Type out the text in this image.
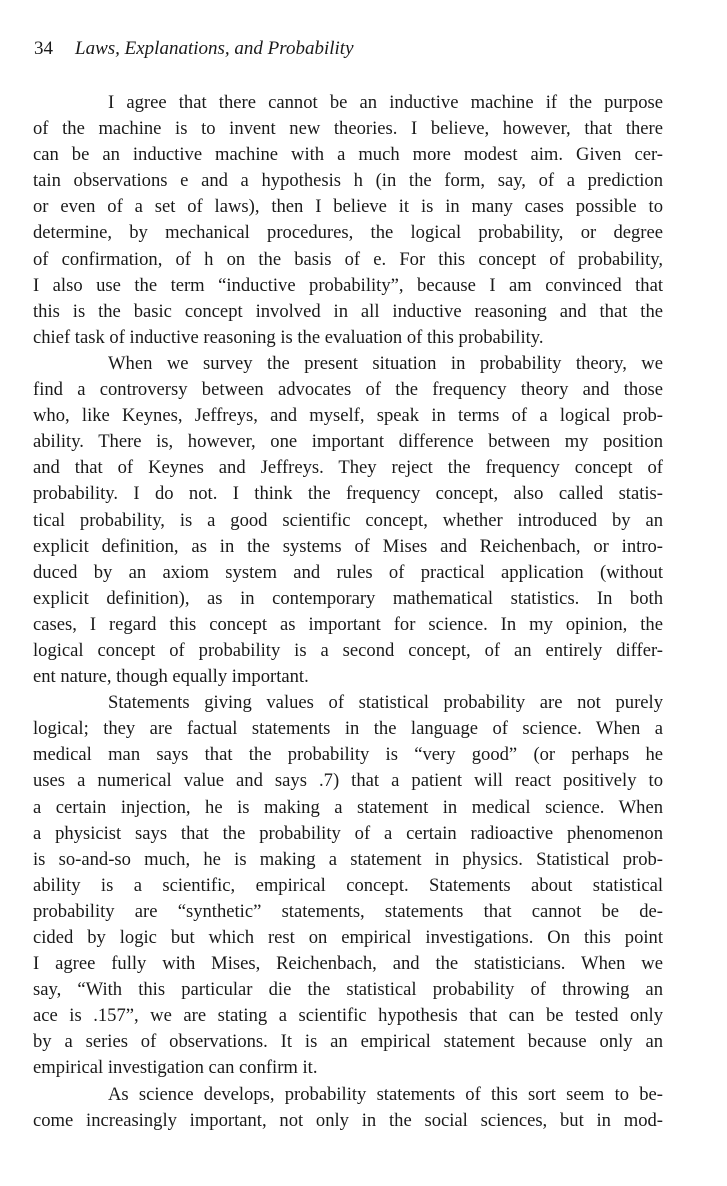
34 Laws, Explanations, and Probability
I agree that there cannot be an inductive machine if the purpose
of the machine is to invent new theories. I believe, however, that there
can be an inductive machine with a much more modest aim. Given cer-
tain observations e and a hypothesis h (in the form, say, of a prediction
or even of a set of laws), then I believe it is in many cases possible to
determine, by mechanical procedures, the logical probability, or degree
of confirmation, of h on the basis of e. For this concept of probability,
I also use the term “inductive probability”, because I am convinced that
this is the basic concept involved in all inductive reasoning and that the
chief task of inductive reasoning is the evaluation of this probability.
When we survey the present situation in probability theory, we
find a controversy between advocates of the frequency theory and those
who, like Keynes, Jeffreys, and myself, speak in terms of a logical prob-
ability. There is, however, one important difference between my position
and that of Keynes and Jeffreys. They reject the frequency concept of
probability. I do not. I think the frequency concept, also called statis-
tical probability, is a good scientific concept, whether introduced by an
explicit definition, as in the systems of Mises and Reichenbach, or intro-
duced by an axiom system and rules of practical application (without
explicit definition), as in contemporary mathematical statistics. In both
cases, I regard this concept as important for science. In my opinion, the
logical concept of probability is a second concept, of an entirely differ-
ent nature, though equally important.
Statements giving values of statistical probability are not purely
logical; they are factual statements in the language of science. When a
medical man says that the probability is “very good” (or perhaps he
uses a numerical value and says .7) that a patient will react positively to
a certain injection, he is making a statement in medical science. When
a physicist says that the probability of a certain radioactive phenomenon
is so-and-so much, he is making a statement in physics. Statistical prob-
ability is a scientific, empirical concept. Statements about statistical
probability are “synthetic” statements, statements that cannot be de-
cided by logic but which rest on empirical investigations. On this point
I agree fully with Mises, Reichenbach, and the statisticians. When we
say, “With this particular die the statistical probability of throwing an
ace is .157”, we are stating a scientific hypothesis that can be tested only
by a series of observations. It is an empirical statement because only an
empirical investigation can confirm it.
As science develops, probability statements of this sort seem to be-
come increasingly important, not only in the social sciences, but in mod-
